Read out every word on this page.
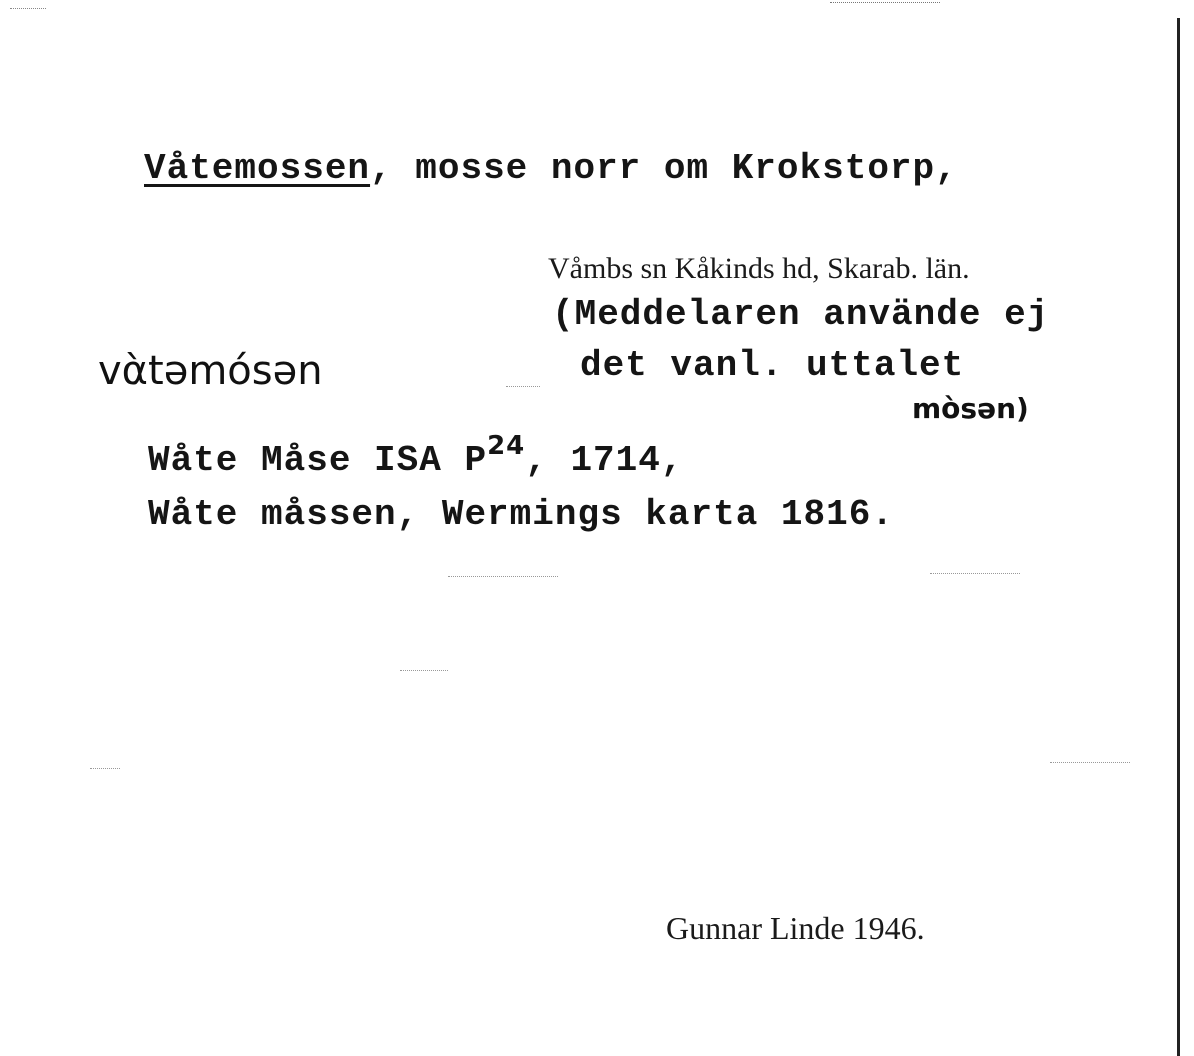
Våtemossen, mosse norr om Krokstorp,
Våmbs sn Kåkinds hd, Skarab. län.
(Meddelaren använde ej
det vanl. uttalet
mὸsən)
vὰtəmósən
Wåte Måse ISA $P^{24}$, 1714,
Wåte måssen, Wermings karta 1816.
Gunnar Linde 1946.
